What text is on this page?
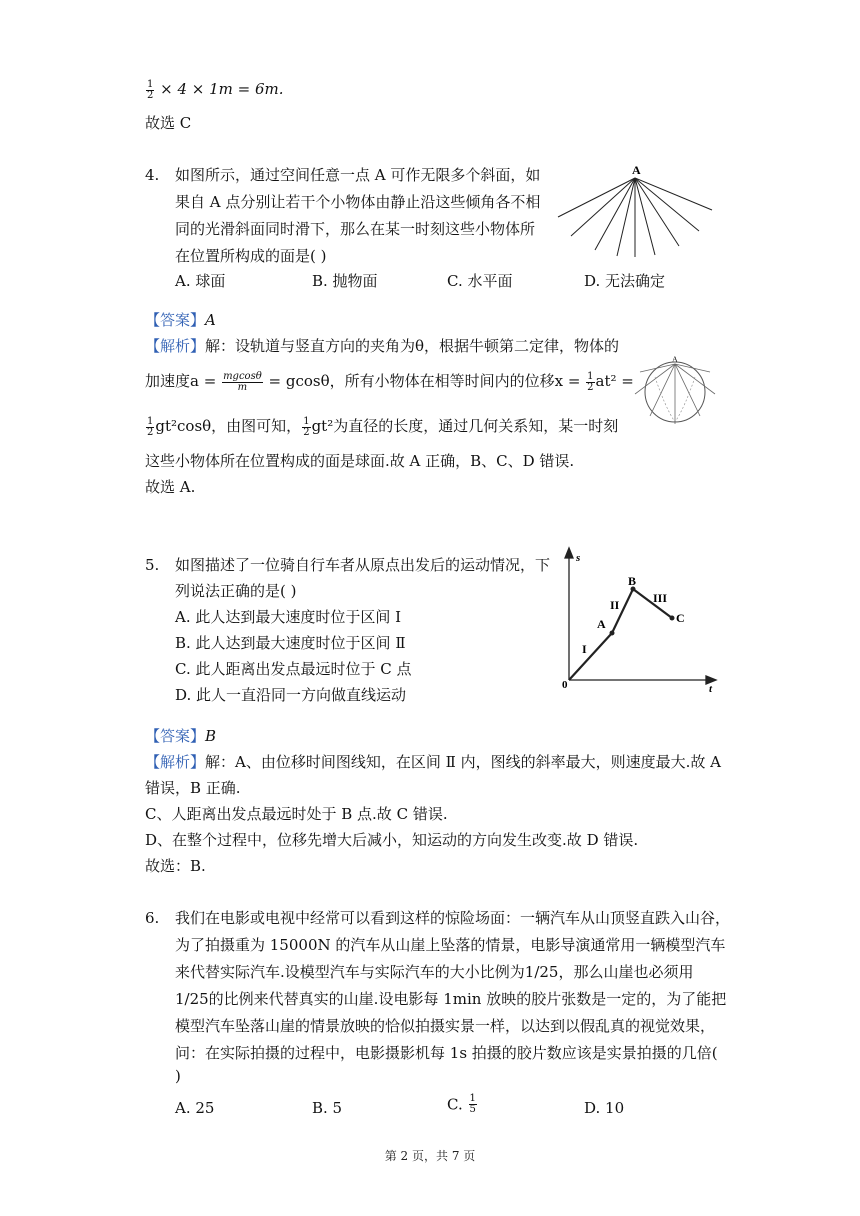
$\frac{1}{2} \times 4 \times 1m = 6m$.
故选 C
4. 如图所示，通过空间任意一点 A 可作无限多个斜面，如
果自 A 点分别让若干个小物体由静止沿这些倾角各不相
同的光滑斜面同时滑下，那么在某一时刻这些小物体所
在位置所构成的面是( )
A. 球面	B. 抛物面	C. 水平面	D. 无法确定
A
【答案】A
【解析】解：设轨道与竖直方向的夹角为θ，根据牛顿第二定律，物体的
加速度$a = \frac{mgcos\theta}{m} = gcos\theta$，所有小物体在相等时间内的位移$x = \frac{1}{2} at^2$ =
$\frac{1}{2} gt^2\cos\theta$，由图可知， $\frac{1}{2} gt^2$为直径的长度，通过几何关系知，某一时刻
这些小物体所在位置构成的面是球面.故 A 正确，B、C、D 错误.
故选 A.
A
5. 如图描述了一位骑自行车者从原点出发后的运动情况，下
列说法正确的是( )
A. 此人达到最大速度时位于区间 Ⅰ
B. 此人达到最大速度时位于区间 Ⅱ
C. 此人距离出发点最远时位于 C 点
D. 此人一直沿同一方向做直线运动
s
t
0
A
B
C
I
II	III
【答案】B
【解析】解：A、由位移时间图线知，在区间 Ⅱ 内，图线的斜率最大，则速度最大.故 A
错误，B 正确.
C、人距离出发点最远时处于 B 点.故 C 错误.
D、在整个过程中，位移先增大后减小，知运动的方向发生改变.故 D 错误.
故选：B.
6. 我们在电影或电视中经常可以看到这样的惊险场面：一辆汽车从山顶竖直跌入山谷，
为了拍摄重为 15000N 的汽车从山崖上坠落的情景，电影导演通常用一辆模型汽车
来代替实际汽车.设模型汽车与实际汽车的大小比例为1/25，那么山崖也必须用
1/25的比例来代替真实的山崖.设电影每 1min 放映的胶片张数是一定的，为了能把
模型汽车坠落山崖的情景放映的恰似拍摄实景一样，以达到以假乱真的视觉效果，
问：在实际拍摄的过程中，电影摄影机每 1s 拍摄的胶片数应该是实景拍摄的几倍(
)
A. 25	B. 5	C. $\frac{1}{5}$	D. 10
第 2 页，共 7 页
